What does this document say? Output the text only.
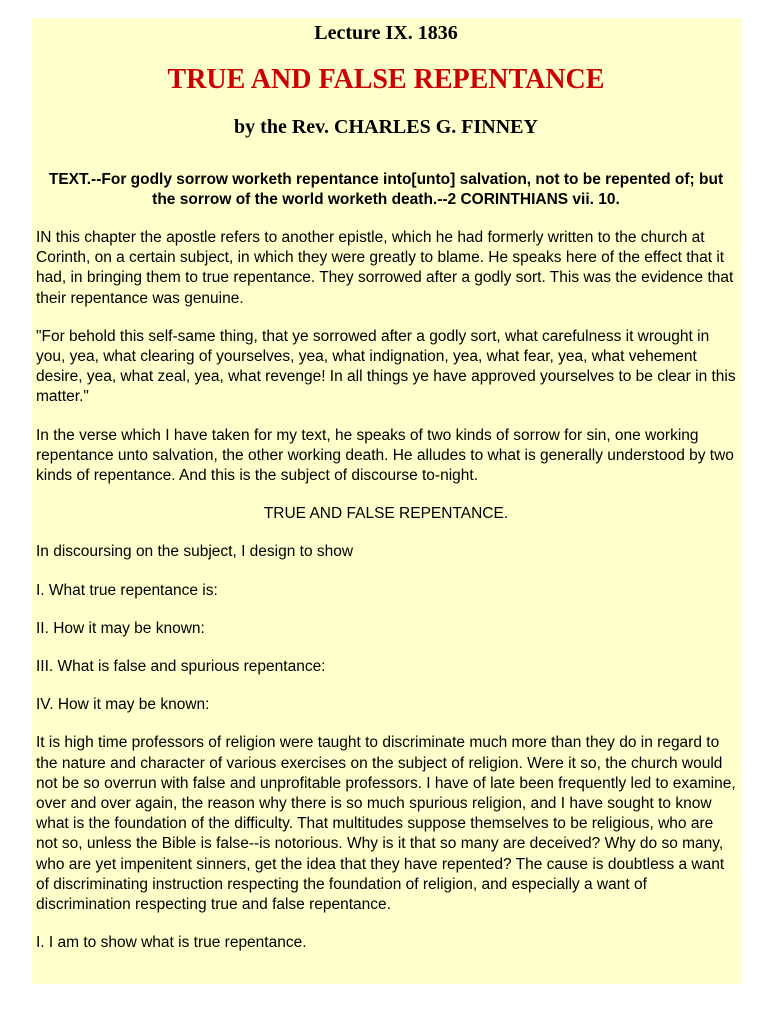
Lecture IX. 1836
TRUE AND FALSE REPENTANCE
by the Rev. CHARLES G. FINNEY
TEXT.--For godly sorrow worketh repentance into[unto] salvation, not to be repented of; but the sorrow of the world worketh death.--2 CORINTHIANS vii. 10.

IN this chapter the apostle refers to another epistle, which he had formerly written to the church at Corinth, on a certain subject, in which they were greatly to blame. He speaks here of the effect that it had, in bringing them to true repentance. They sorrowed after a godly sort. This was the evidence that their repentance was genuine.

"For behold this self-same thing, that ye sorrowed after a godly sort, what carefulness it wrought in you, yea, what clearing of yourselves, yea, what indignation, yea, what fear, yea, what vehement desire, yea, what zeal, yea, what revenge! In all things ye have approved yourselves to be clear in this matter."

In the verse which I have taken for my text, he speaks of two kinds of sorrow for sin, one working repentance unto salvation, the other working death. He alludes to what is generally understood by two kinds of repentance. And this is the subject of discourse to-night.

TRUE AND FALSE REPENTANCE.

In discoursing on the subject, I design to show

I. What true repentance is:

II. How it may be known:

III. What is false and spurious repentance:

IV. How it may be known:

It is high time professors of religion were taught to discriminate much more than they do in regard to the nature and character of various exercises on the subject of religion. Were it so, the church would not be so overrun with false and unprofitable professors. I have of late been frequently led to examine, over and over again, the reason why there is so much spurious religion, and I have sought to know what is the foundation of the difficulty. That multitudes suppose themselves to be religious, who are not so, unless the Bible is false--is notorious. Why is it that so many are deceived? Why do so many, who are yet impenitent sinners, get the idea that they have repented? The cause is doubtless a want of discriminating instruction respecting the foundation of religion, and especially a want of discrimination respecting true and false repentance.

I. I am to show what is true repentance.
